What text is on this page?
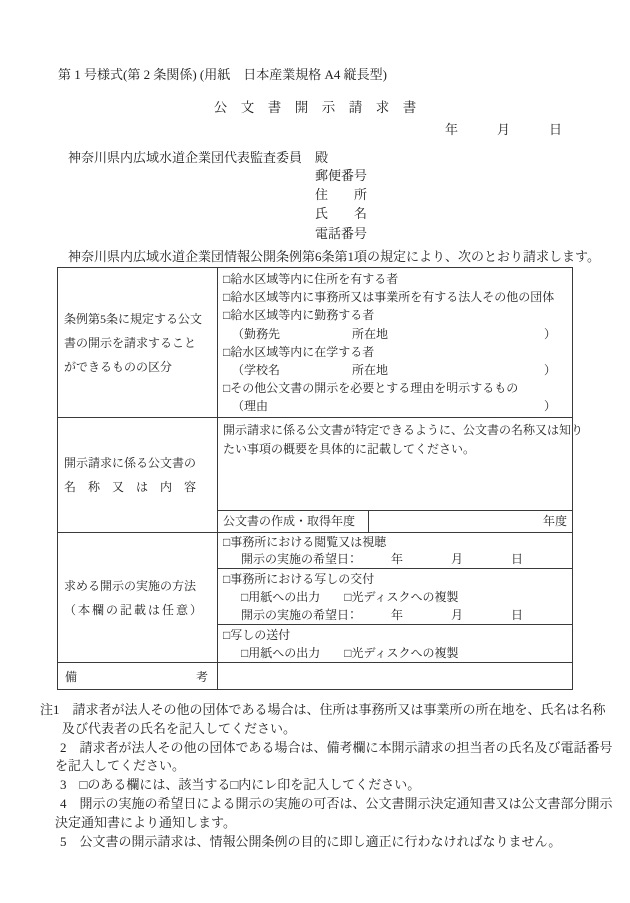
第 1 号様式(第 2 条関係) (用紙　日本産業規格 A4 縦長型)
公　文　書　開　示　請　求　書
年　　　月　　　日
神奈川県内広域水道企業団代表監査委員　殿
郵便番号
住　　所
氏　　名
電話番号
神奈川県内広域水道企業団情報公開条例第6条第1項の規定により、次のとおり請求します。
条例第5条に規定する公文
書の開示を請求すること
ができるものの区分
□給水区域等内に住所を有する者
□給水区域等内に事務所又は事業所を有する法人その他の団体
□給水区域等内に勤務する者
（勤務先　　　　　　所在地　　　　　　　　　　　　　）
□給水区域等内に在学する者
（学校名　　　　　　所在地　　　　　　　　　　　　　）
□その他公文書の開示を必要とする理由を明示するもの
（理由　　　　　　　　　　　　　　　　　　　　　　　）
開示請求に係る公文書の
名　称　又　は　内　容
開示請求に係る公文書が特定できるように、公文書の名称又は知り
たい事項の概要を具体的に記載してください。
公文書の作成・取得年度	年度
求める開示の実施の方法
（本欄の記載は任意）
□事務所における閲覧又は視聴
開示の実施の希望日：　　　年　　　　月　　　　日
□事務所における写しの交付
□用紙への出力　　□光ディスクへの複製
開示の実施の希望日：　　　年　　　　月　　　　日
□写しの送付
□用紙への出力　　□光ディスクへの複製
備	考
注1　請求者が法人その他の団体である場合は、住所は事務所又は事業所の所在地を、氏名は名称
及び代表者の氏名を記入してください。
2　請求者が法人その他の団体である場合は、備考欄に本開示請求の担当者の氏名及び電話番号
を記入してください。
3　□のある欄には、該当する□内にレ印を記入してください。
4　開示の実施の希望日による開示の実施の可否は、公文書開示決定通知書又は公文書部分開示
決定通知書により通知します。
5　公文書の開示請求は、情報公開条例の目的に即し適正に行わなければなりません。
